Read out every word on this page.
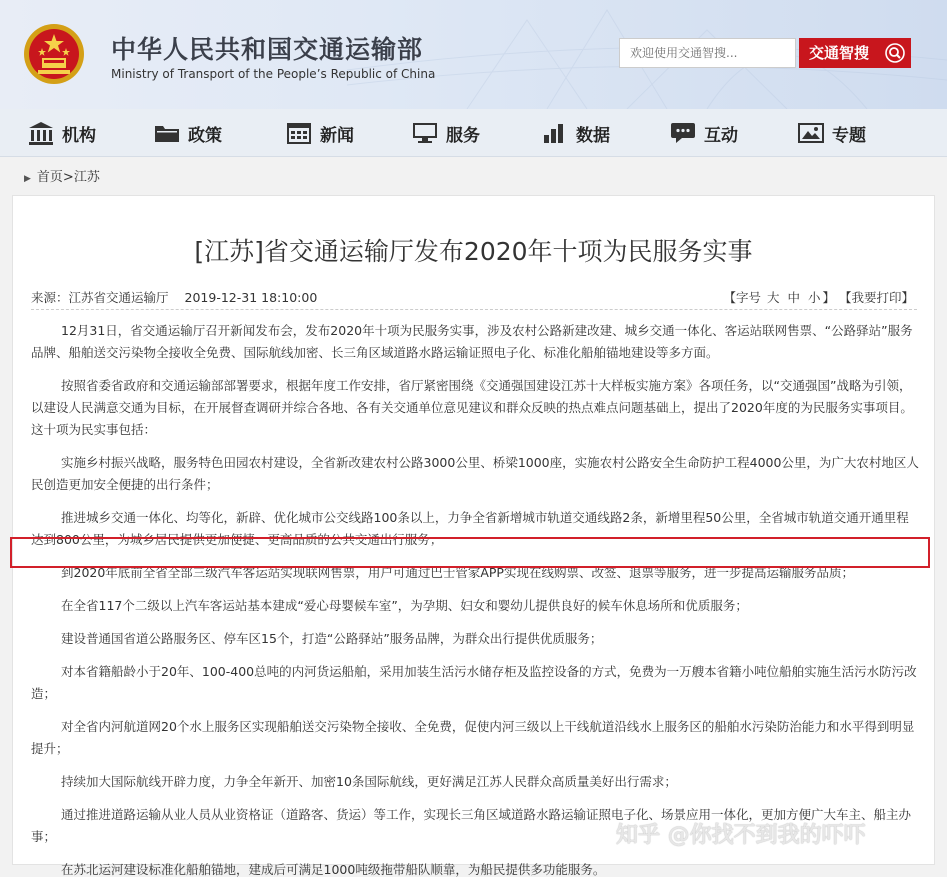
中华人民共和国交通运输部
Ministry of Transport of the People’s Republic of China
欢迎使用交通智搜...
交通智搜
机构	政策	新闻	服务	数据	互动	专题
▶ 首页>江苏
[江苏]省交通运输厅发布2020年十项为民服务实事
来源：江苏省交通运输厅 2019-12-31 18:10:00	【字号 大 中 小 】 【我要打印】

12月31日，省交通运输厅召开新闻发布会，发布2020年十项为民服务实事，涉及农村公路新建改建、城乡交通一体化、客运站联网售票、“公路驿站”服务品牌、船舶送交污染物全接收全免费、国际航线加密、长三角区域道路水路运输证照电子化、标准化船舶锚地建设等多方面。

按照省委省政府和交通运输部部署要求，根据年度工作安排，省厅紧密围绕《交通强国建设江苏十大样板实施方案》各项任务，以“交通强国”战略为引领，以建设人民满意交通为目标，在开展督查调研并综合各地、各有关交通单位意见建议和群众反映的热点难点问题基础上，提出了2020年度的为民服务实事项目。这十项为民实事包括：

实施乡村振兴战略，服务特色田园农村建设，全省新改建农村公路3000公里、桥梁1000座，实施农村公路安全生命防护工程4000公里，为广大农村地区人民创造更加安全便捷的出行条件；

推进城乡交通一体化、均等化，新辟、优化城市公交线路100条以上，力争全省新增城市轨道交通线路2条，新增里程50公里，全省城市轨道交通开通里程达到800公里，为城乡居民提供更加便捷、更高品质的公共交通出行服务；

到2020年底前全省全部三级汽车客运站实现联网售票，用户可通过巴士管家APP实现在线购票、改签、退票等服务，进一步提高运输服务品质；

在全省117个二级以上汽车客运站基本建成“爱心母婴候车室”，为孕期、妇女和婴幼儿提供良好的候车休息场所和优质服务；

建设普通国省道公路服务区、停车区15个，打造“公路驿站”服务品牌，为群众出行提供优质服务；

对本省籍船龄小于20年、100-400总吨的内河货运船舶，采用加装生活污水储存柜及监控设备的方式，免费为一万艘本省籍小吨位船舶实施生活污水防污改造；

对全省内河航道网20个水上服务区实现船舶送交污染物全接收、全免费，促使内河三级以上干线航道沿线水上服务区的船舶水污染防治能力和水平得到明显提升；

持续加大国际航线开辟力度，力争全年新开、加密10条国际航线，更好满足江苏人民群众高质量美好出行需求；

通过推进道路运输从业人员从业资格证（道路客、货运）等工作，实现长三角区域道路水路运输证照电子化、场景应用一体化，更加方便广大车主、船主办事；

在苏北运河建设标准化船舶锚地，建成后可满足1000吨级拖带船队顺靠，为船民提供多功能服务。

知乎 @你找不到我的吓吓
